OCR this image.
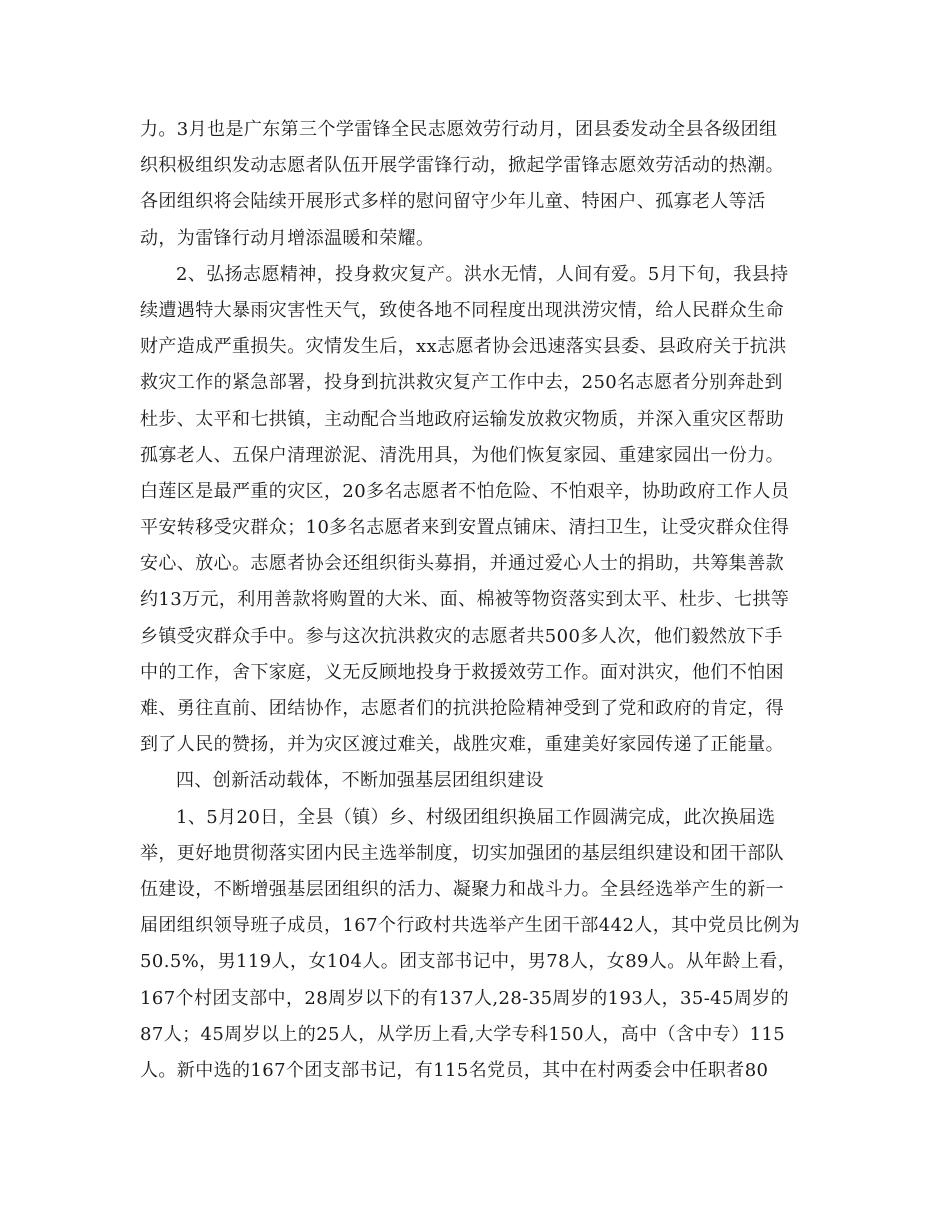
力。3月也是广东第三个学雷锋全民志愿效劳行动月，团县委发动全县各级团组
织积极组织发动志愿者队伍开展学雷锋行动，掀起学雷锋志愿效劳活动的热潮。
各团组织将会陆续开展形式多样的慰问留守少年儿童、特困户、孤寡老人等活
动，为雷锋行动月增添温暖和荣耀。
2、弘扬志愿精神，投身救灾复产。洪水无情，人间有爱。5月下旬，我县持
续遭遇特大暴雨灾害性天气，致使各地不同程度出现洪涝灾情，给人民群众生命
财产造成严重损失。灾情发生后，xx志愿者协会迅速落实县委、县政府关于抗洪
救灾工作的紧急部署，投身到抗洪救灾复产工作中去，250名志愿者分别奔赴到
杜步、太平和七拱镇，主动配合当地政府运输发放救灾物质，并深入重灾区帮助
孤寡老人、五保户清理淤泥、清洗用具，为他们恢复家园、重建家园出一份力。
白莲区是最严重的灾区，20多名志愿者不怕危险、不怕艰辛，协助政府工作人员
平安转移受灾群众；10多名志愿者来到安置点铺床、清扫卫生，让受灾群众住得
安心、放心。志愿者协会还组织街头募捐，并通过爱心人士的捐助，共筹集善款
约13万元，利用善款将购置的大米、面、棉被等物资落实到太平、杜步、七拱等
乡镇受灾群众手中。参与这次抗洪救灾的志愿者共500多人次，他们毅然放下手
中的工作，舍下家庭，义无反顾地投身于救援效劳工作。面对洪灾，他们不怕困
难、勇往直前、团结协作，志愿者们的抗洪抢险精神受到了党和政府的肯定，得
到了人民的赞扬，并为灾区渡过难关，战胜灾难，重建美好家园传递了正能量。
四、创新活动载体，不断加强基层团组织建设
1、5月20日，全县（镇）乡、村级团组织换届工作圆满完成，此次换届选
举，更好地贯彻落实团内民主选举制度，切实加强团的基层组织建设和团干部队
伍建设，不断增强基层团组织的活力、凝聚力和战斗力。全县经选举产生的新一
届团组织领导班子成员，167个行政村共选举产生团干部442人，其中党员比例为
50.5%，男119人，女104人。团支部书记中，男78人，女89人。从年龄上看，
167个村团支部中，28周岁以下的有137人,28-35周岁的193人，35-45周岁的
87人；45周岁以上的25人，从学历上看,大学专科150人，高中（含中专）115
人。新中选的167个团支部书记，有115名党员，其中在村两委会中任职者80
